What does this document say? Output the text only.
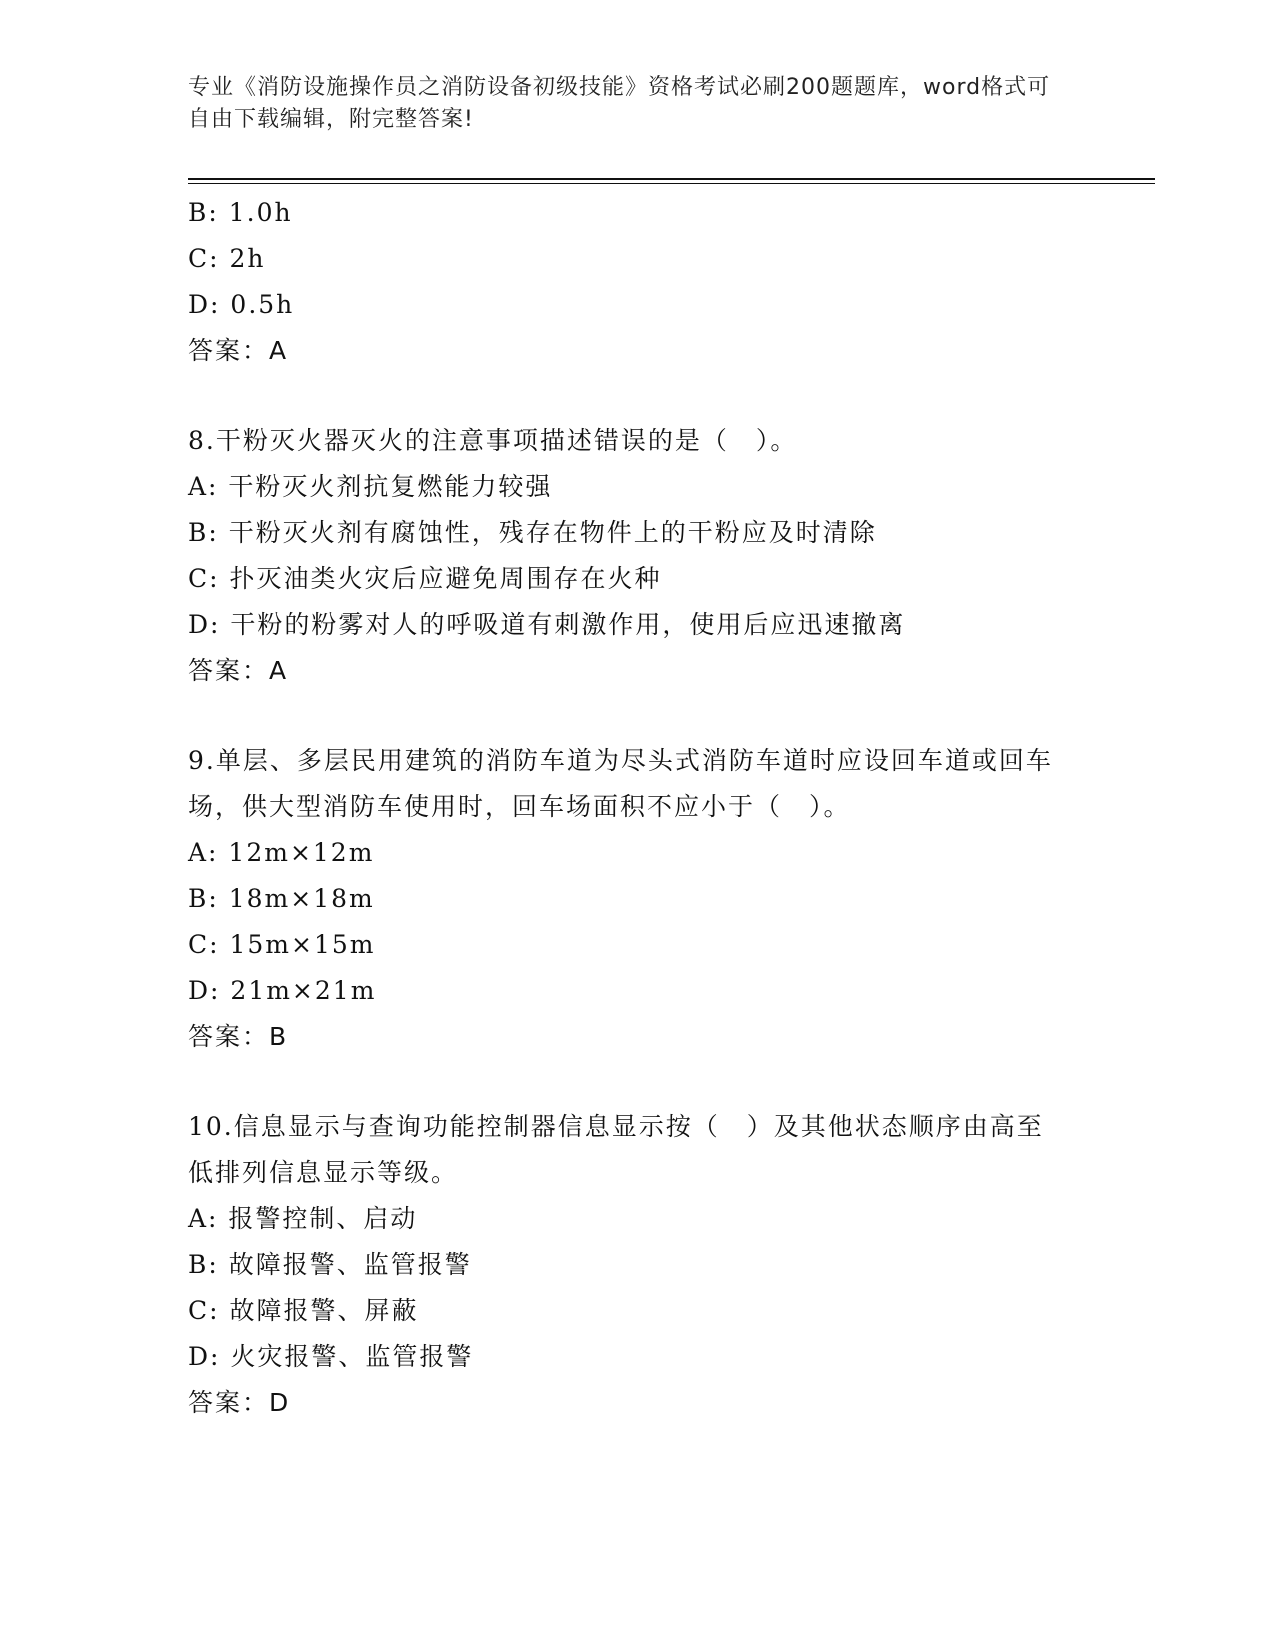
专业《消防设施操作员之消防设备初级技能》资格考试必刷200题题库，word格式可自由下载编辑，附完整答案!
B: 1.0h
C: 2h
D: 0.5h
答案：A
8.干粉灭火器灭火的注意事项描述错误的是（　）。
A: 干粉灭火剂抗复燃能力较强
B: 干粉灭火剂有腐蚀性，残存在物件上的干粉应及时清除
C: 扑灭油类火灾后应避免周围存在火种
D: 干粉的粉雾对人的呼吸道有刺激作用，使用后应迅速撤离
答案：A
9.单层、多层民用建筑的消防车道为尽头式消防车道时应设回车道或回车场，供大型消防车使用时，回车场面积不应小于（　）。
A: 12m×12m
B: 18m×18m
C: 15m×15m
D: 21m×21m
答案：B
10.信息显示与查询功能控制器信息显示按（　）及其他状态顺序由高至低排列信息显示等级。
A: 报警控制、启动
B: 故障报警、监管报警
C: 故障报警、屏蔽
D: 火灾报警、监管报警
答案：D
